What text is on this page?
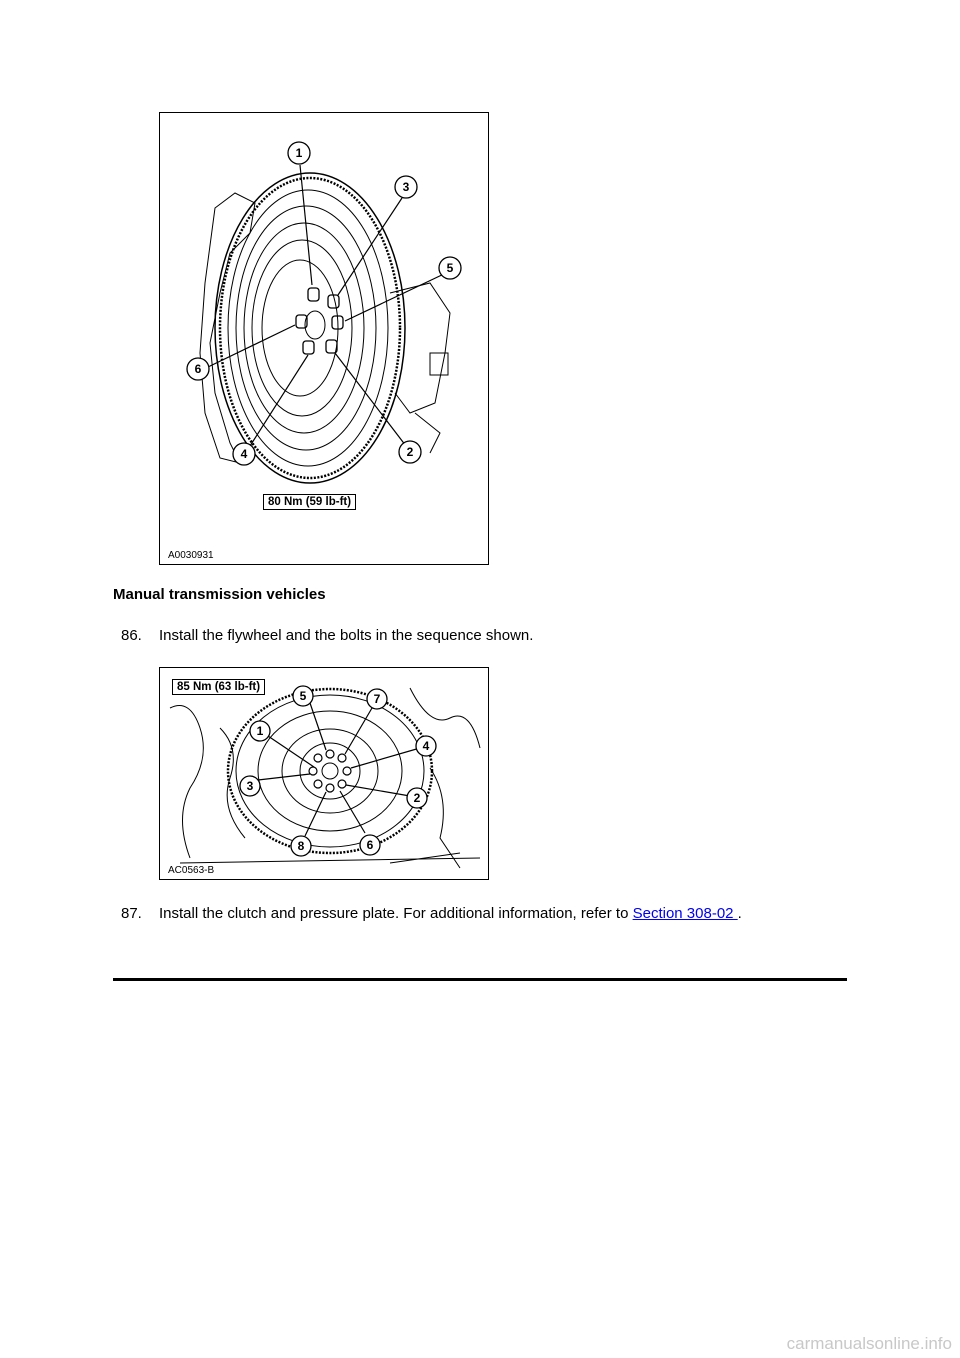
1
3
5
6
4	2
80 Nm (59 lb-ft)
A0030931
Manual transmission vehicles
86. Install the flywheel and the bolts in the sequence shown.
5	7
4
1
3
2
6
8
85 Nm (63 lb-ft)
AC0563-B
87. Install the clutch and pressure plate. For additional information, refer to Section 308-02 .
carmanualsonline.info
